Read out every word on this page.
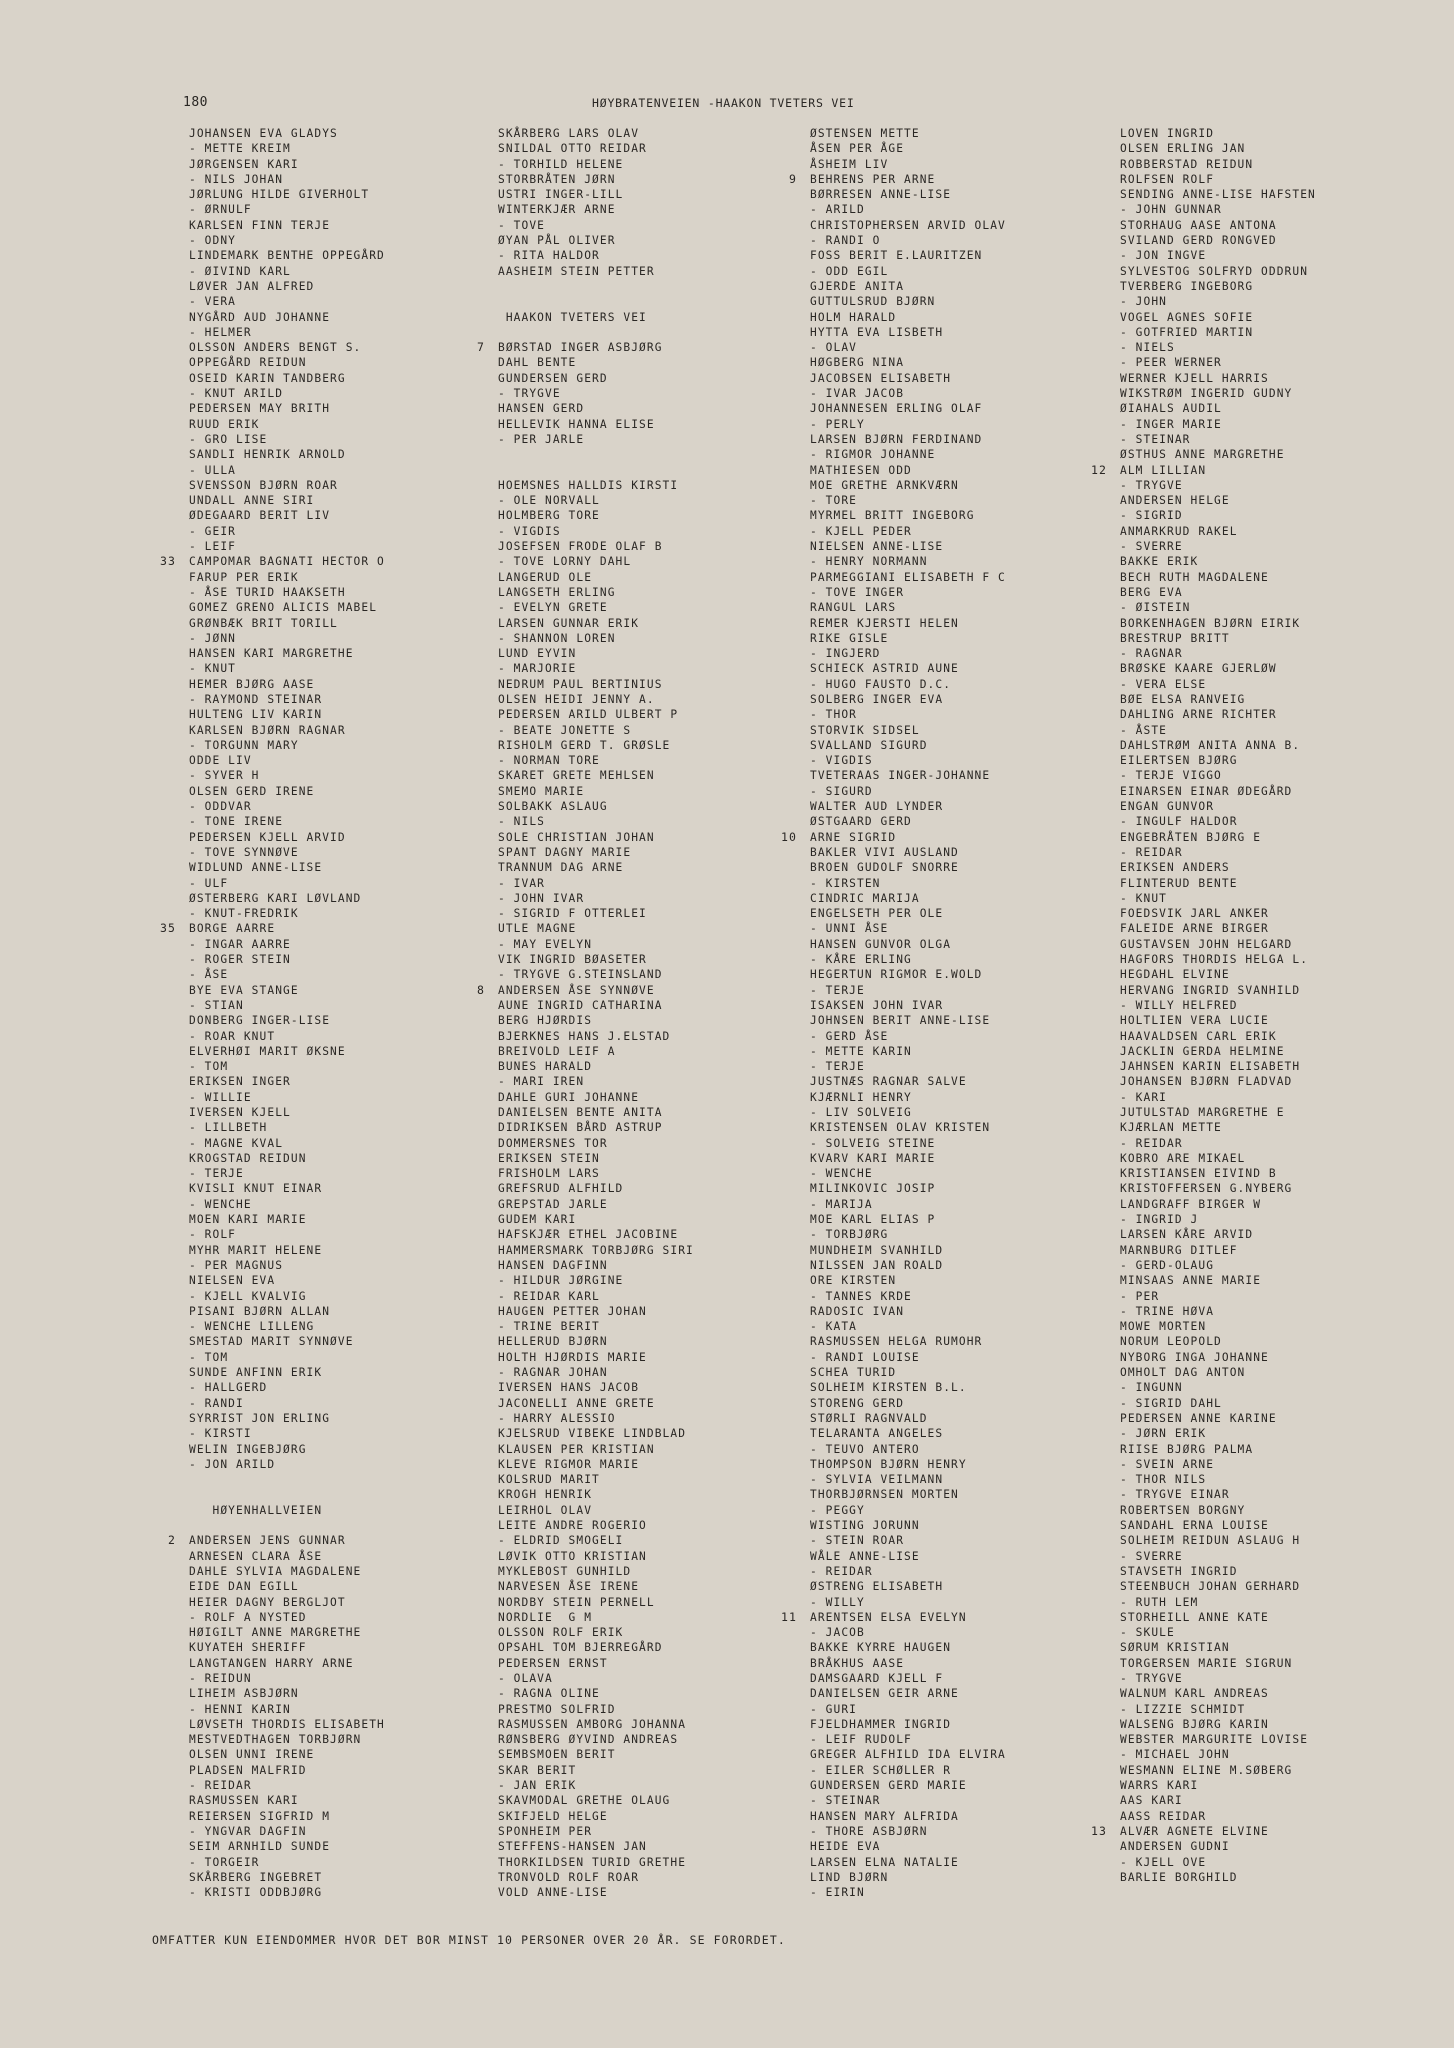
180	HØYBRATENVEIEN -HAAKON TVETERS VEI
JOHANSEN EVA GLADYS
- METTE KREIM
JØRGENSEN KARI
- NILS JOHAN
JØRLUNG HILDE GIVERHOLT
- ØRNULF
KARLSEN FINN TERJE
- ODNY
LINDEMARK BENTHE OPPEGÅRD
- ØIVIND KARL
LØVER JAN ALFRED
- VERA
NYGÅRD AUD JOHANNE
- HELMER
OLSSON ANDERS BENGT S.
OPPEGÅRD REIDUN
OSEID KARIN TANDBERG
- KNUT ARILD
PEDERSEN MAY BRITH
RUUD ERIK
- GRO LISE
SANDLI HENRIK ARNOLD
- ULLA
SVENSSON BJØRN ROAR
UNDALL ANNE SIRI
ØDEGAARD BERIT LIV
- GEIR
- LEIF
33 CAMPOMAR BAGNATI HECTOR O
FARUP PER ERIK
- ÅSE TURID HAAKSETH
GOMEZ GRENO ALICIS MABEL
GRØNBÆK BRIT TORILL
- JØNN
HANSEN KARI MARGRETHE
- KNUT
HEMER BJØRG AASE
- RAYMOND STEINAR
HULTENG LIV KARIN
KARLSEN BJØRN RAGNAR
- TORGUNN MARY
ODDE LIV
- SYVER H
OLSEN GERD IRENE
- ODDVAR
- TONE IRENE
PEDERSEN KJELL ARVID
- TOVE SYNNØVE
WIDLUND ANNE-LISE
- ULF
ØSTERBERG KARI LØVLAND
- KNUT-FREDRIK
35 BORGE AARRE
- INGAR AARRE
- ROGER STEIN
- ÅSE
BYE EVA STANGE
- STIAN
DONBERG INGER-LISE
- ROAR KNUT
ELVERHØI MARIT ØKSNE
- TOM
ERIKSEN INGER
- WILLIE
IVERSEN KJELL
- LILLBETH
- MAGNE KVAL
KROGSTAD REIDUN
- TERJE
KVISLI KNUT EINAR
- WENCHE
MOEN KARI MARIE
- ROLF
MYHR MARIT HELENE
- PER MAGNUS
NIELSEN EVA
- KJELL KVALVIG
PISANI BJØRN ALLAN
- WENCHE LILLENG
SMESTAD MARIT SYNNØVE
- TOM
SUNDE ANFINN ERIK
- HALLGERD
- RANDI
SYRRIST JON ERLING
- KIRSTI
WELIN INGEBJØRG
- JON ARILD
HØYENHALLVEIEN
2 ANDERSEN JENS GUNNAR
ARNESEN CLARA ÅSE
DAHLE SYLVIA MAGDALENE
EIDE DAN EGILL
HEIER DAGNY BERGLJOT
- ROLF A NYSTED
HØIGILT ANNE MARGRETHE
KUYATEH SHERIFF
LANGTANGEN HARRY ARNE
- REIDUN
LIHEIM ASBJØRN
- HENNI KARIN
LØVSETH THORDIS ELISABETH
MESTVEDTHAGEN TORBJØRN
OLSEN UNNI IRENE
PLADSEN MALFRID
- REIDAR
RASMUSSEN KARI
REIERSEN SIGFRID M
- YNGVAR DAGFIN
SEIM ARNHILD SUNDE
- TORGEIR
SKÅRBERG INGEBRET
- KRISTI ODDBJØRG
SKÅRBERG LARS OLAV
SNILDAL OTTO REIDAR
- TORHILD HELENE
STORBRÅTEN JØRN
USTRI INGER-LILL
WINTERKJÆR ARNE
- TOVE
ØYAN PÅL OLIVER
- RITA HALDOR
AASHEIM STEIN PETTER
HAAKON TVETERS VEI
7 BØRSTAD INGER ASBJØRG
DAHL BENTE
GUNDERSEN GERD
- TRYGVE
HANSEN GERD
HELLEVIK HANNA ELISE
- PER JARLE
HOEMSNES HALLDIS KIRSTI
- OLE NORVALL
HOLMBERG TORE
- VIGDIS
JOSEFSEN FRODE OLAF B
- TOVE LORNY DAHL
LANGERUD OLE
LANGSETH ERLING
- EVELYN GRETE
LARSEN GUNNAR ERIK
- SHANNON LOREN
LUND EYVIN
- MARJORIE
NEDRUM PAUL BERTINIUS
OLSEN HEIDI JENNY A.
PEDERSEN ARILD ULBERT P
- BEATE JONETTE S
RISHOLM GERD T. GRØSLE
- NORMAN TORE
SKARET GRETE MEHLSEN
SMEMO MARIE
SOLBAKK ASLAUG
- NILS
SOLE CHRISTIAN JOHAN
SPANT DAGNY MARIE
TRANNUM DAG ARNE
- IVAR
- JOHN IVAR
- SIGRID F OTTERLEI
UTLE MAGNE
- MAY EVELYN
VIK INGRID BØASETER
- TRYGVE G.STEINSLAND
8 ANDERSEN ÅSE SYNNØVE
AUNE INGRID CATHARINA
BERG HJØRDIS
BJERKNES HANS J.ELSTAD
BREIVOLD LEIF A
BUNES HARALD
- MARI IREN
DAHLE GURI JOHANNE
DANIELSEN BENTE ANITA
DIDRIKSEN BÅRD ASTRUP
DOMMERSNES TOR
ERIKSEN STEIN
FRISHOLM LARS
GREFSRUD ALFHILD
GREPSTAD JARLE
GUDEM KARI
HAFSKJÆR ETHEL JACOBINE
HAMMERSMARK TORBJØRG SIRI
HANSEN DAGFINN
- HILDUR JØRGINE
- REIDAR KARL
HAUGEN PETTER JOHAN
- TRINE BERIT
HELLERUD BJØRN
HOLTH HJØRDIS MARIE
- RAGNAR JOHAN
IVERSEN HANS JACOB
JACONELLI ANNE GRETE
- HARRY ALESSIO
KJELSRUD VIBEKE LINDBLAD
KLAUSEN PER KRISTIAN
KLEVE RIGMOR MARIE
KOLSRUD MARIT
KROGH HENRIK
LEIRHOL OLAV
LEITE ANDRE ROGERIO
- ELDRID SMOGELI
LØVIK OTTO KRISTIAN
MYKLEBOST GUNHILD
NARVESEN ÅSE IRENE
NORDBY STEIN PERNELL
NORDLIE  G M
OLSSON ROLF ERIK
OPSAHL TOM BJERREGÅRD
PEDERSEN ERNST
- OLAVA
- RAGNA OLINE
PRESTMO SOLFRID
RASMUSSEN AMBORG JOHANNA
RØNSBERG ØYVIND ANDREAS
SEMBSMOEN BERIT
SKAR BERIT
- JAN ERIK
SKAVMODAL GRETHE OLAUG
SKIFJELD HELGE
SPONHEIM PER
STEFFENS-HANSEN JAN
THORKILDSEN TURID GRETHE
TRONVOLD ROLF ROAR
VOLD ANNE-LISE
ØSTENSEN METTE
ÅSEN PER ÅGE
ÅSHEIM LIV
9 BEHRENS PER ARNE
BØRRESEN ANNE-LISE
- ARILD
CHRISTOPHERSEN ARVID OLAV
- RANDI O
FOSS BERIT E.LAURITZEN
- ODD EGIL
GJERDE ANITA
GUTTULSRUD BJØRN
HOLM HARALD
HYTTA EVA LISBETH
- OLAV
HØGBERG NINA
JACOBSEN ELISABETH
- IVAR JACOB
JOHANNESEN ERLING OLAF
- PERLY
LARSEN BJØRN FERDINAND
- RIGMOR JOHANNE
MATHIESEN ODD
MOE GRETHE ARNKVÆRN
- TORE
MYRMEL BRITT INGEBORG
- KJELL PEDER
NIELSEN ANNE-LISE
- HENRY NORMANN
PARMEGGIANI ELISABETH F C
- TOVE INGER
RANGUL LARS
REMER KJERSTI HELEN
RIKE GISLE
- INGJERD
SCHIECK ASTRID AUNE
- HUGO FAUSTO D.C.
SOLBERG INGER EVA
- THOR
STORVIK SIDSEL
SVALLAND SIGURD
- VIGDIS
TVETERAAS INGER-JOHANNE
- SIGURD
WALTER AUD LYNDER
ØSTGAARD GERD
10 ARNE SIGRID
BAKLER VIVI AUSLAND
BROEN GUDOLF SNORRE
- KIRSTEN
CINDRIC MARIJA
ENGELSETH PER OLE
- UNNI ÅSE
HANSEN GUNVOR OLGA
- KÅRE ERLING
HEGERTUN RIGMOR E.WOLD
- TERJE
ISAKSEN JOHN IVAR
JOHNSEN BERIT ANNE-LISE
- GERD ÅSE
- METTE KARIN
- TERJE
JUSTNÆS RAGNAR SALVE
KJÆRNLI HENRY
- LIV SOLVEIG
KRISTENSEN OLAV KRISTEN
- SOLVEIG STEINE
KVARV KARI MARIE
- WENCHE
MILINKOVIC JOSIP
- MARIJA
MOE KARL ELIAS P
- TORBJØRG
MUNDHEIM SVANHILD
NILSSEN JAN ROALD
ORE KIRSTEN
- TANNES KRDE
RADOSIC IVAN
- KATA
RASMUSSEN HELGA RUMOHR
- RANDI LOUISE
SCHEA TURID
SOLHEIM KIRSTEN B.L.
STORENG GERD
STØRLI RAGNVALD
TELARANTA ANGELES
- TEUVO ANTERO
THOMPSON BJØRN HENRY
- SYLVIA VEILMANN
THORBJØRNSEN MORTEN
- PEGGY
WISTING JORUNN
- STEIN ROAR
WÅLE ANNE-LISE
- REIDAR
ØSTRENG ELISABETH
- WILLY
11 ARENTSEN ELSA EVELYN
- JACOB
BAKKE KYRRE HAUGEN
BRÅKHUS AASE
DAMSGAARD KJELL F
DANIELSEN GEIR ARNE
- GURI
FJELDHAMMER INGRID
- LEIF RUDOLF
GREGER ALFHILD IDA ELVIRA
- EILER SCHØLLER R
GUNDERSEN GERD MARIE
- STEINAR
HANSEN MARY ALFRIDA
- THORE ASBJØRN
HEIDE EVA
LARSEN ELNA NATALIE
LIND BJØRN
- EIRIN
LOVEN INGRID
OLSEN ERLING JAN
ROBBERSTAD REIDUN
ROLFSEN ROLF
SENDING ANNE-LISE HAFSTEN
- JOHN GUNNAR
STORHAUG AASE ANTONA
SVILAND GERD RONGVED
- JON INGVE
SYLVESTOG SOLFRYD ODDRUN
TVERBERG INGEBORG
- JOHN
VOGEL AGNES SOFIE
- GOTFRIED MARTIN
- NIELS
- PEER WERNER
WERNER KJELL HARRIS
WIKSTRØM INGERID GUDNY
ØIAHALS AUDIL
- INGER MARIE
- STEINAR
ØSTHUS ANNE MARGRETHE
12 ALM LILLIAN
- TRYGVE
ANDERSEN HELGE
- SIGRID
ANMARKRUD RAKEL
- SVERRE
BAKKE ERIK
BECH RUTH MAGDALENE
BERG EVA
- ØISTEIN
BORKENHAGEN BJØRN EIRIK
BRESTRUP BRITT
- RAGNAR
BRØSKE KAARE GJERLØW
- VERA ELSE
BØE ELSA RANVEIG
DAHLING ARNE RICHTER
- ÅSTE
DAHLSTRØM ANITA ANNA B.
EILERTSEN BJØRG
- TERJE VIGGO
EINARSEN EINAR ØDEGÅRD
ENGAN GUNVOR
- INGULF HALDOR
ENGEBRÅTEN BJØRG E
- REIDAR
ERIKSEN ANDERS
FLINTERUD BENTE
- KNUT
FOEDSVIK JARL ANKER
FALEIDE ARNE BIRGER
GUSTAVSEN JOHN HELGARD
HAGFORS THORDIS HELGA L.
HEGDAHL ELVINE
HERVANG INGRID SVANHILD
- WILLY HELFRED
HOLTLIEN VERA LUCIE
HAAVALDSEN CARL ERIK
JACKLIN GERDA HELMINE
JAHNSEN KARIN ELISABETH
JOHANSEN BJØRN FLADVAD
- KARI
JUTULSTAD MARGRETHE E
KJÆRLAN METTE
- REIDAR
KOBRO ARE MIKAEL
KRISTIANSEN EIVIND B
KRISTOFFERSEN G.NYBERG
LANDGRAFF BIRGER W
- INGRID J
LARSEN KÅRE ARVID
MARNBURG DITLEF
- GERD-OLAUG
MINSAAS ANNE MARIE
- PER
- TRINE HØVA
MOWE MORTEN
NORUM LEOPOLD
NYBORG INGA JOHANNE
OMHOLT DAG ANTON
- INGUNN
- SIGRID DAHL
PEDERSEN ANNE KARINE
- JØRN ERIK
RIISE BJØRG PALMA
- SVEIN ARNE
- THOR NILS
- TRYGVE EINAR
ROBERTSEN BORGNY
SANDAHL ERNA LOUISE
SOLHEIM REIDUN ASLAUG H
- SVERRE
STAVSETH INGRID
STEENBUCH JOHAN GERHARD
- RUTH LEM
STORHEILL ANNE KATE
- SKULE
SØRUM KRISTIAN
TORGERSEN MARIE SIGRUN
- TRYGVE
WALNUM KARL ANDREAS
- LIZZIE SCHMIDT
WALSENG BJØRG KARIN
WEBSTER MARGURITE LOVISE
- MICHAEL JOHN
WESMANN ELINE M.SØBERG
WARRS KARI
AAS KARI
AASS REIDAR
13 ALVÆR AGNETE ELVINE
ANDERSEN GUDNI
- KJELL OVE
BARLIE BORGHILD
OMFATTER KUN EIENDOMMER HVOR DET BOR MINST 10 PERSONER OVER 20 ÅR. SE FORORDET.
